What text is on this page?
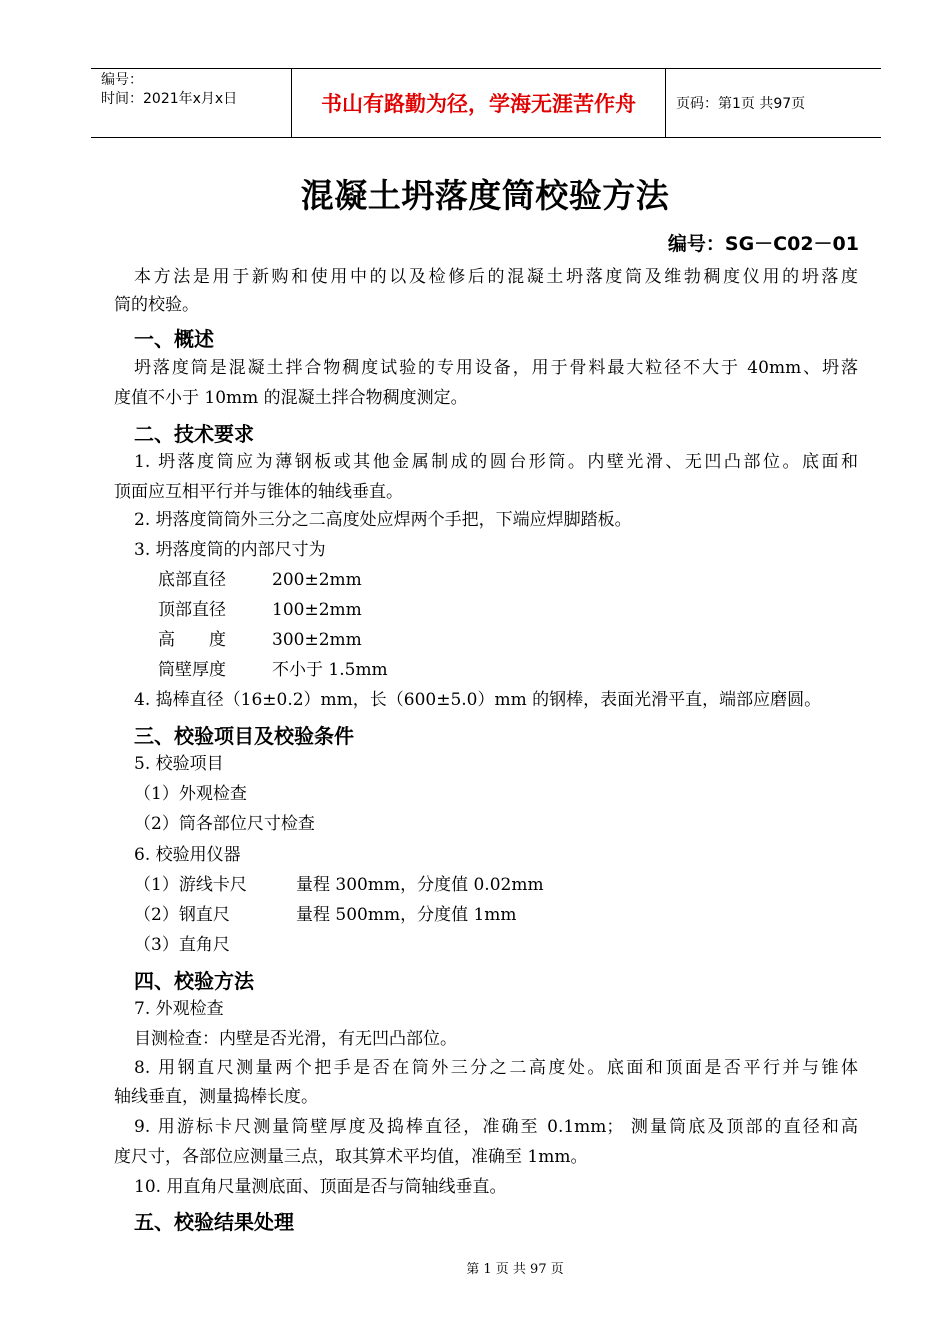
编号：
时间：2021年x月x日	书山有路勤为径，学海无涯苦作舟	页码：第1页 共97页
混凝土坍落度筒校验方法
编号：SG－C02－01
本方法是用于新购和使用中的以及检修后的混凝土坍落度筒及维勃稠度仪用的坍落度
筒的校验。
一、概述
坍落度筒是混凝土拌合物稠度试验的专用设备，用于骨料最大粒径不大于 40mm、坍落
度值不小于 10mm 的混凝土拌合物稠度测定。
二、技术要求
1. 坍落度筒应为薄钢板或其他金属制成的圆台形筒。内壁光滑、无凹凸部位。底面和
顶面应互相平行并与锥体的轴线垂直。
2. 坍落度筒筒外三分之二高度处应焊两个手把，下端应焊脚踏板。
3. 坍落度筒的内部尺寸为
底部直径	200±2mm
顶部直径	100±2mm
高　　度	300±2mm
筒壁厚度	不小于 1.5mm
4. 捣棒直径（16±0.2）mm，长（600±5.0）mm 的钢棒，表面光滑平直，端部应磨圆。
三、校验项目及校验条件
5. 校验项目
（1）外观检查
（2）筒各部位尺寸检查
6. 校验用仪器
（1）游线卡尺	量程 300mm，分度值 0.02mm
（2）钢直尺	量程 500mm，分度值 1mm
（3）直角尺
四、校验方法
7. 外观检查
目测检查：内壁是否光滑，有无凹凸部位。
8. 用钢直尺测量两个把手是否在筒外三分之二高度处。底面和顶面是否平行并与锥体
轴线垂直，测量捣棒长度。
9. 用游标卡尺测量筒壁厚度及捣棒直径，准确至 0.1mm； 测量筒底及顶部的直径和高
度尺寸，各部位应测量三点，取其算术平均值，准确至 1mm。
10. 用直角尺量测底面、顶面是否与筒轴线垂直。
五、校验结果处理
第 1 页 共 97 页
